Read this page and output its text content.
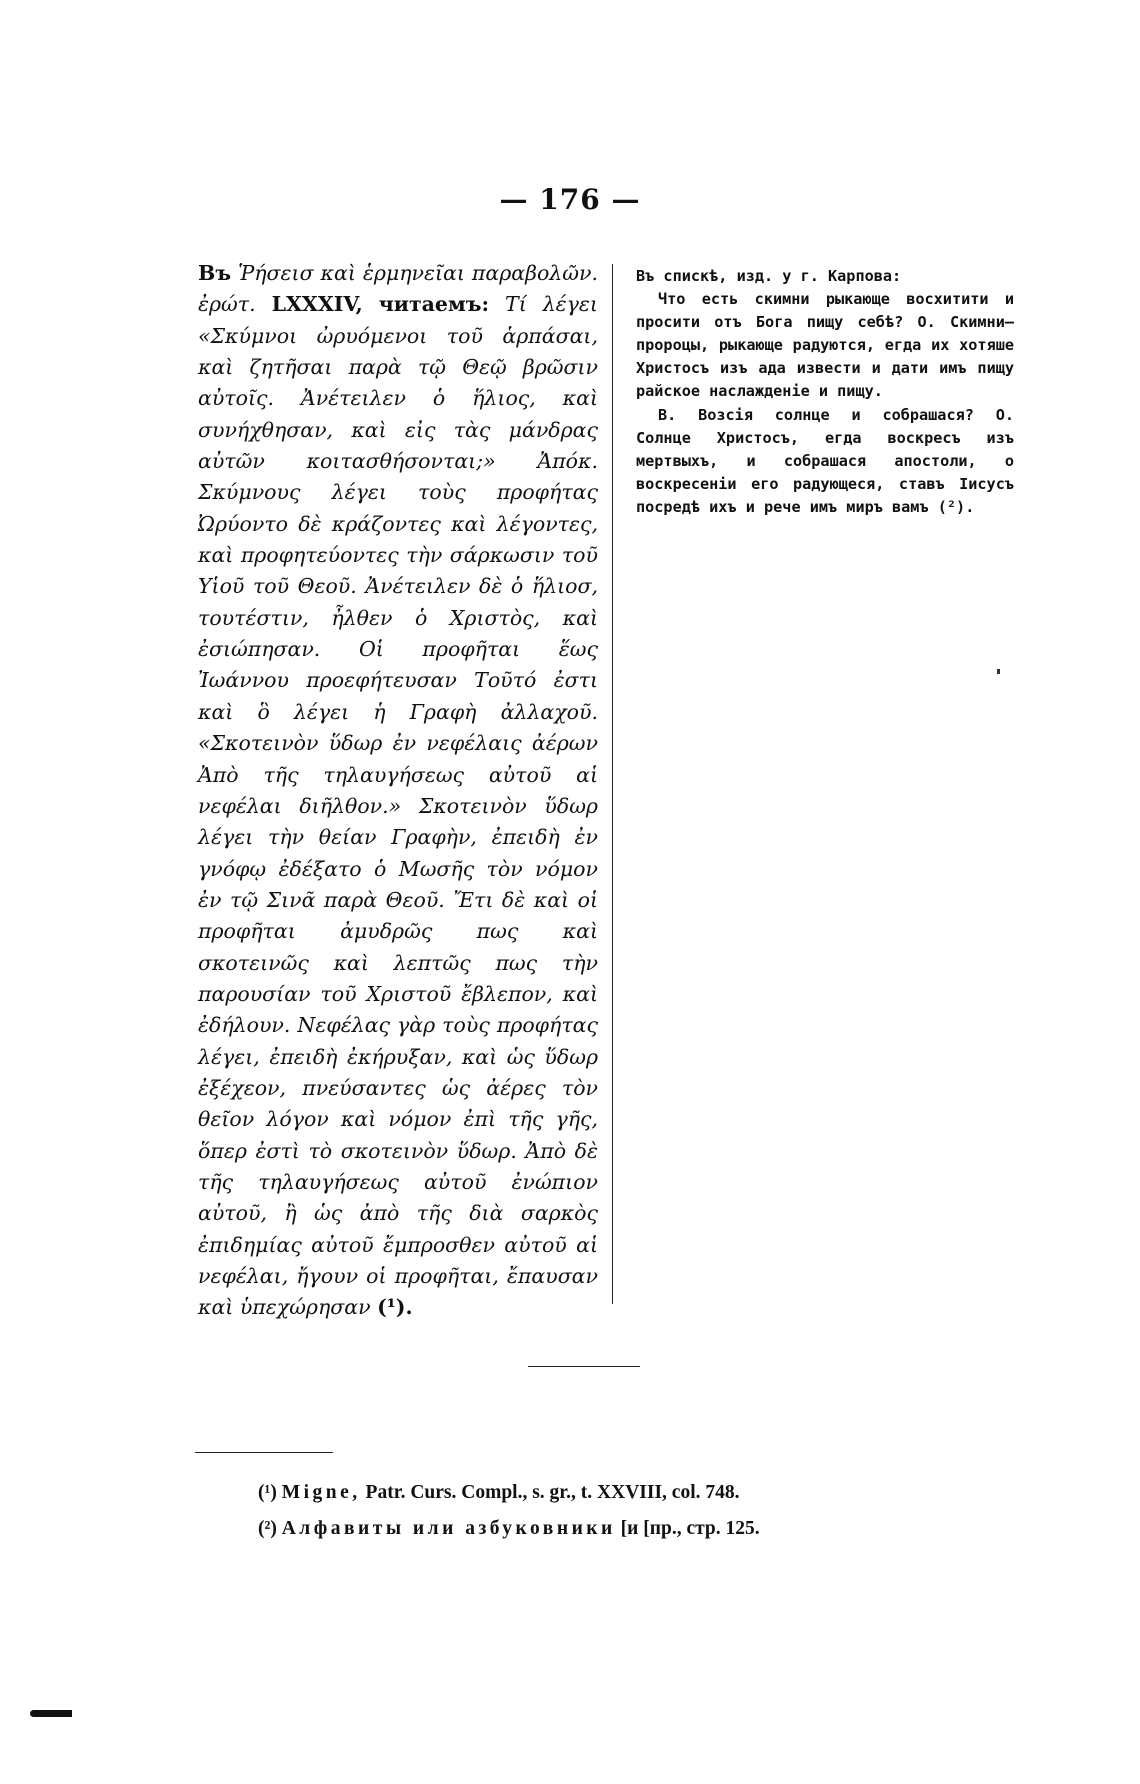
— 176 —
Въ Ῥήσεισ καὶ ἑρμηνεῖαι παραβολῶν. ἐρώτ. LXXXIV, читаемъ: Τί λέγει «Σκύμνοι ὠρυόμενοι τοῦ ἁρπάσαι, καὶ ζητῆσαι παρὰ τῷ Θεῷ βρῶσιν αὐτοῖς. Ἀνέτειλεν ὁ ἥλιος, καὶ συνήχθησαν, καὶ εἰς τὰς μάνδρας αὐτῶν κοιτασθήσονται;» Ἀπόκ. Σκύμνους λέγει τοὺς προφήτας Ὠρύοντο δὲ κράζοντες καὶ λέγοντες, καὶ προφητεύοντες τὴν σάρκωσιν τοῦ Υἱοῦ τοῦ Θεοῦ. Ἀνέτειλεν δὲ ὁ ἥλιοσ, τουτέστιν, ἦλθεν ὁ Χριστὸς, καὶ ἐσιώπησαν. Οἱ προφῆται ἕως Ἰωάννου προεφήτευσαν Τοῦτό ἐστι καὶ ὃ λέγει ἡ Γραφὴ ἀλλαχοῦ. «Σκοτεινὸν ὕδωρ ἐν νεφέλαις ἀέρων Ἀπὸ τῆς τηλαυγήσεως αὐτοῦ αἱ νεφέλαι διῆλθον.» Σκοτεινὸν ὕδωρ λέγει τὴν θείαν Γραφὴν, ἐπειδὴ ἐν γνόφῳ ἐδέξατο ὁ Μωσῆς τὸν νόμον ἐν τῷ Σινᾶ παρὰ Θεοῦ. Ἔτι δὲ καὶ οἱ προφῆται ἀμυδρῶς πως καὶ σκοτεινῶς καὶ λεπτῶς πως τὴν παρουσίαν τοῦ Χριστοῦ ἔβλεπον, καὶ ἐδήλουν. Νεφέλας γὰρ τοὺς προφήτας λέγει, ἐπειδὴ ἐκήρυξαν, καὶ ὡς ὕδωρ ἐξέχεον, πνεύσαντες ὡς ἀέρες τὸν θεῖον λόγον καὶ νόμον ἐπὶ τῆς γῆς, ὅπερ ἐστὶ τὸ σκοτεινὸν ὕδωρ. Ἀπὸ δὲ τῆς τηλαυγήσεως αὐτοῦ ἐνώπιον αὐτοῦ, ἢ ὡς ἀπὸ τῆς διὰ σαρκὸς ἐπιδημίας αὐτοῦ ἔμπροσθεν αὐτοῦ αἱ νεφέλαι, ἤγουν οἱ προφῆται, ἔπαυσαν καὶ ὑπεχώρησαν (¹).

Въ спискѣ, изд. у г. Карпова:

Что есть скимни рыкающе восхитити и просити отъ Бога пищу себѣ? О. Скимни—пророцы, рыкающе радуются, егда их хотяше Христосъ изъ ада извести и дати имъ пищу райское наслажденіе и пищу.

В. Возсія солнце и собрашася? О. Солнце Христосъ, егда воскресъ изъ мертвыхъ, и собрашася апостоли, о воскресеніи его радующеся, ставъ Іисусъ посредѣ ихъ и рече имъ миръ вамъ (²).

(¹) Migne, Patr. Curs. Compl., s. gr., t. XXVIII, col. 748.
(²) Алфавиты или азбуковники [и [пр., стр. 125.
